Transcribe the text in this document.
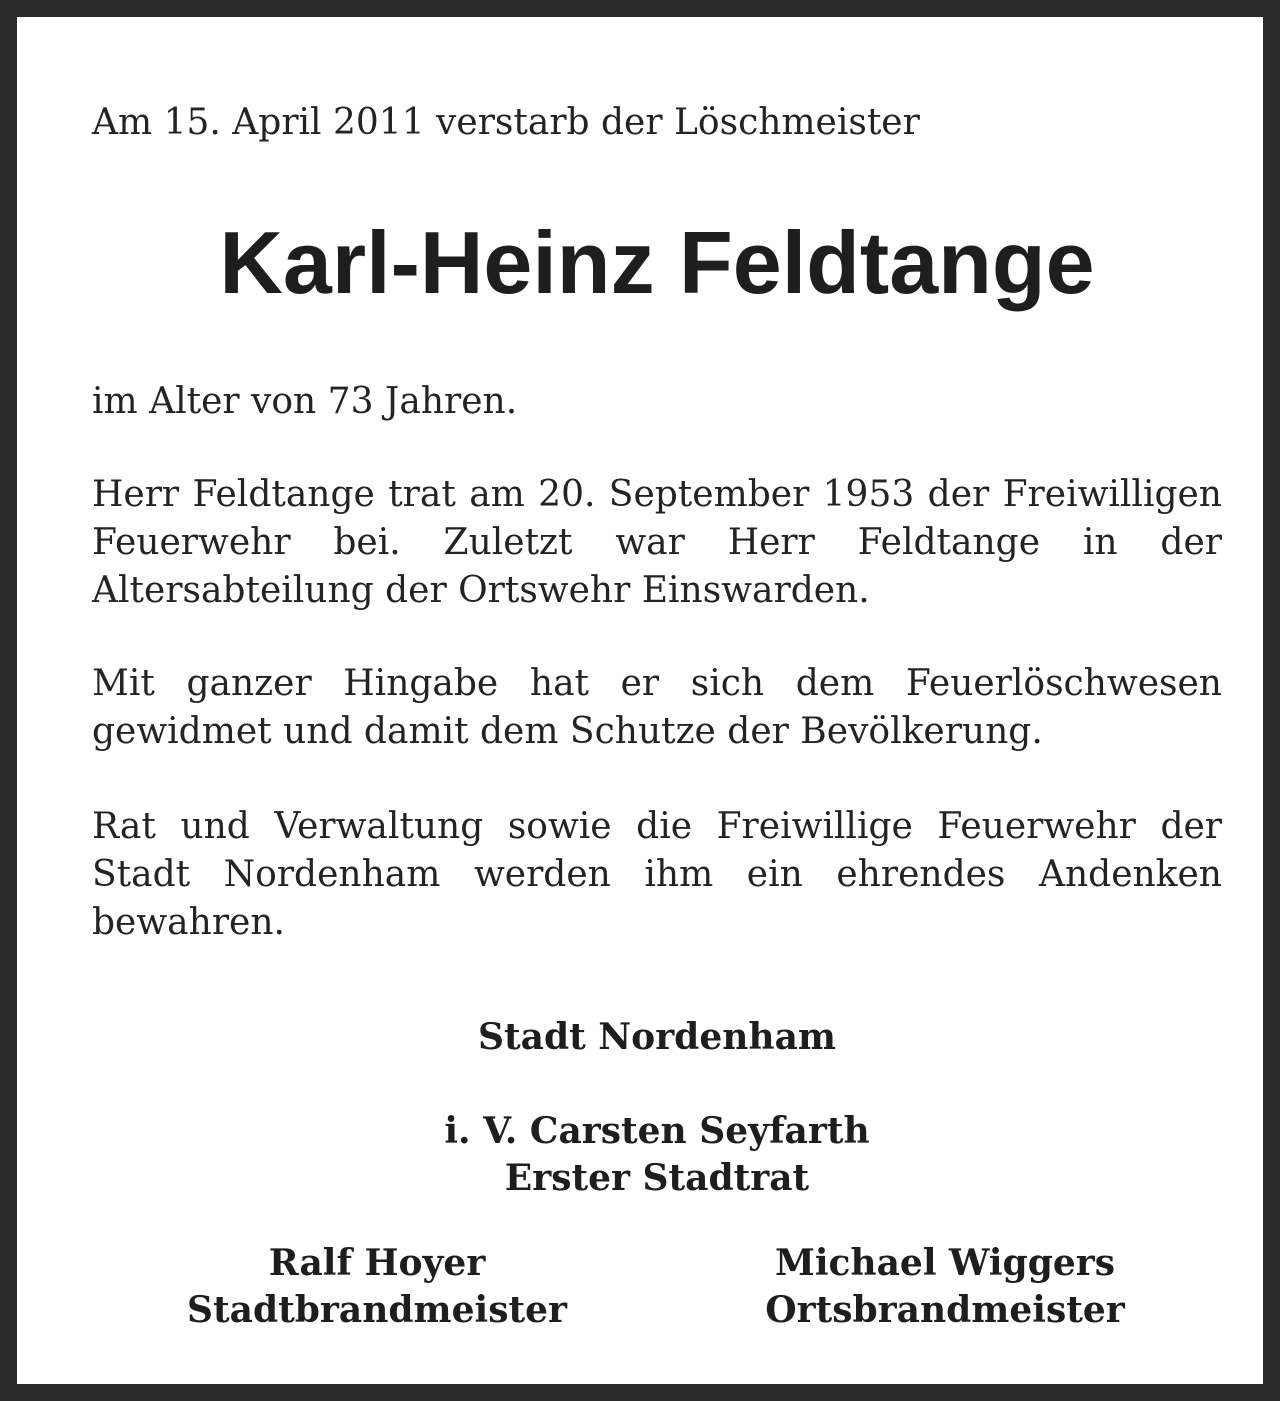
Am 15. April 2011 verstarb der Löschmeister
Karl-Heinz Feldtange
im Alter von 73 Jahren.

Herr Feldtange trat am 20. September 1953 der Freiwilligen Feuerwehr bei. Zuletzt war Herr Feldtange in der Altersabteilung der Ortswehr Einswarden.

Mit ganzer Hingabe hat er sich dem Feuerlöschwesen gewidmet und damit dem Schutze der Bevölkerung.

Rat und Verwaltung sowie die Freiwillige Feuerwehr der Stadt Nordenham werden ihm ein ehrendes Andenken bewahren.

Stadt Nordenham
i. V. Carsten Seyfarth
Erster Stadtrat
Ralf Hoyer
Stadtbrandmeister
Michael Wiggers
Ortsbrandmeister
